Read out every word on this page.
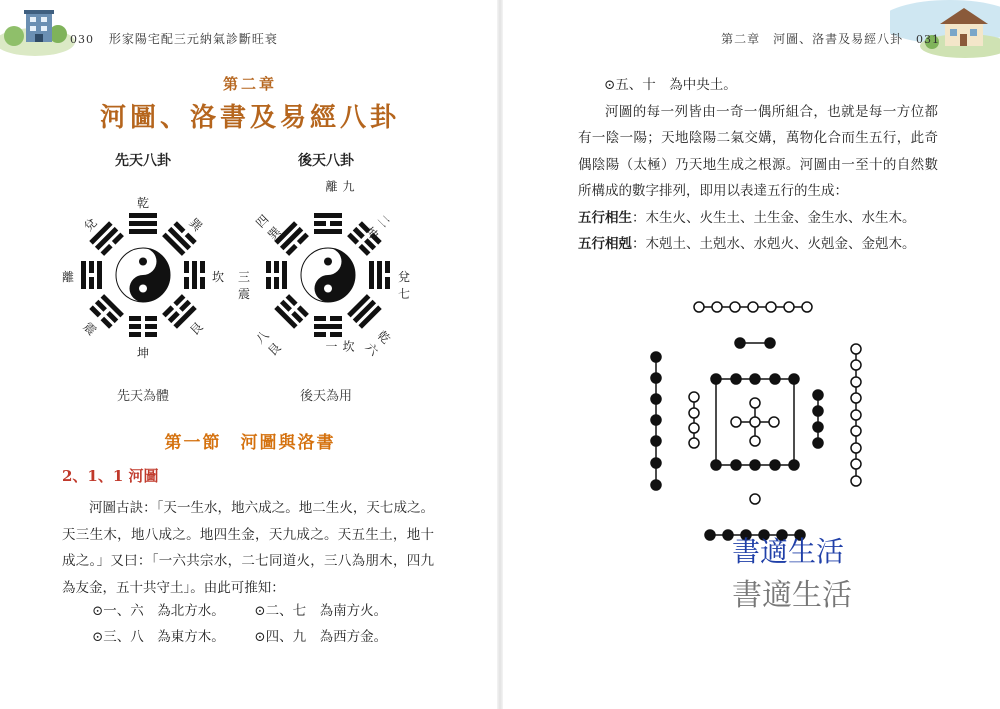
030 形家陽宅配三元納氣診斷旺衰
第二章
河圖、洛書及易經八卦
先天八卦	後天八卦
乾
兌	巽
離	坎
震	艮
坤
九離
四巽
二坤
三震
兌七
八艮
乾六
坎一
先天為體	後天為用
第一節　河圖與洛書
2、1、1 河圖

河圖古訣：「天一生水，地六成之。地二生火，天七成之。天三生木，地八成之。地四生金，天九成之。天五生土，地十成之。」又曰：「一六共宗水，二七同道火，三八為朋木，四九為友金，五十共守土」。由此可推知：

⊙一、六　為北方水。 ⊙二、七　為南方火。
⊙三、八　為東方木。 ⊙四、九　為西方金。
第二章　河圖、洛書及易經八卦 031

⊙五、十　為中央土。

河圖的每一列皆由一奇一偶所組合，也就是每一方位都有一陰一陽；天地陰陽二氣交媾，萬物化合而生五行，此奇偶陰陽（太極）乃天地生成之根源。河圖由一至十的自然數所構成的數字排列，即用以表達五行的生成：

五行相生：木生火、火生土、土生金、金生水、水生木。

五行相剋：木剋土、土剋水、水剋火、火剋金、金剋木。

書適生活
書適生活
